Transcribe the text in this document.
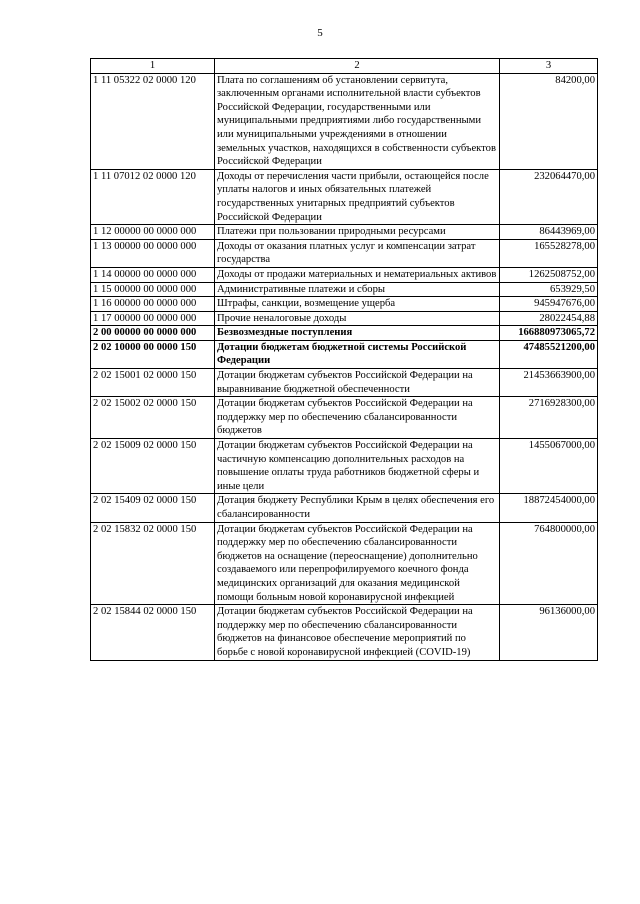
5
1	2	3
1 11 05322 02 0000 120	Плата по соглашениям об установлении сервитута, заключенным органами исполнительной власти субъектов Российской Федерации, государственными или муниципальными предприятиями либо государственными или муниципальными учреждениями в отношении земельных участков, находящихся в собственности субъектов Российской Федерации	84200,00
1 11 07012 02 0000 120	Доходы от перечисления части прибыли, остающейся после уплаты налогов и иных обязательных платежей государственных унитарных предприятий субъектов Российской Федерации	232064470,00
1 12 00000 00 0000 000	Платежи при пользовании природными ресурсами	86443969,00
1 13 00000 00 0000 000	Доходы от оказания платных услуг и компенсации затрат государства	165528278,00
1 14 00000 00 0000 000	Доходы от продажи материальных и нематериальных активов	1262508752,00
1 15 00000 00 0000 000	Административные платежи и сборы	653929,50
1 16 00000 00 0000 000	Штрафы, санкции, возмещение ущерба	945947676,00
1 17 00000 00 0000 000	Прочие неналоговые доходы	28022454,88
2 00 00000 00 0000 000	Безвозмездные поступления	166880973065,72
2 02 10000 00 0000 150	Дотации бюджетам бюджетной системы Российской Федерации	47485521200,00
2 02 15001 02 0000 150	Дотации бюджетам субъектов Российской Федерации на выравнивание бюджетной обеспеченности	21453663900,00
2 02 15002 02 0000 150	Дотации бюджетам субъектов Российской Федерации на поддержку мер по обеспечению сбалансированности бюджетов	2716928300,00
2 02 15009 02 0000 150	Дотации бюджетам субъектов Российской Федерации на частичную компенсацию дополнительных расходов на повышение оплаты труда работников бюджетной сферы и иные цели	1455067000,00
2 02 15409 02 0000 150	Дотация бюджету Республики Крым в целях обеспечения его сбалансированности	18872454000,00
2 02 15832 02 0000 150	Дотации бюджетам субъектов Российской Федерации на поддержку мер по обеспечению сбалансированности бюджетов на оснащение (переоснащение) дополнительно создаваемого или перепрофилируемого коечного фонда медицинских организаций для оказания медицинской помощи больным новой коронавирусной инфекцией	764800000,00
2 02 15844 02 0000 150	Дотации бюджетам субъектов Российской Федерации на поддержку мер по обеспечению сбалансированности бюджетов на финансовое обеспечение мероприятий по борьбе с новой коронавирусной инфекцией (COVID-19)	96136000,00
